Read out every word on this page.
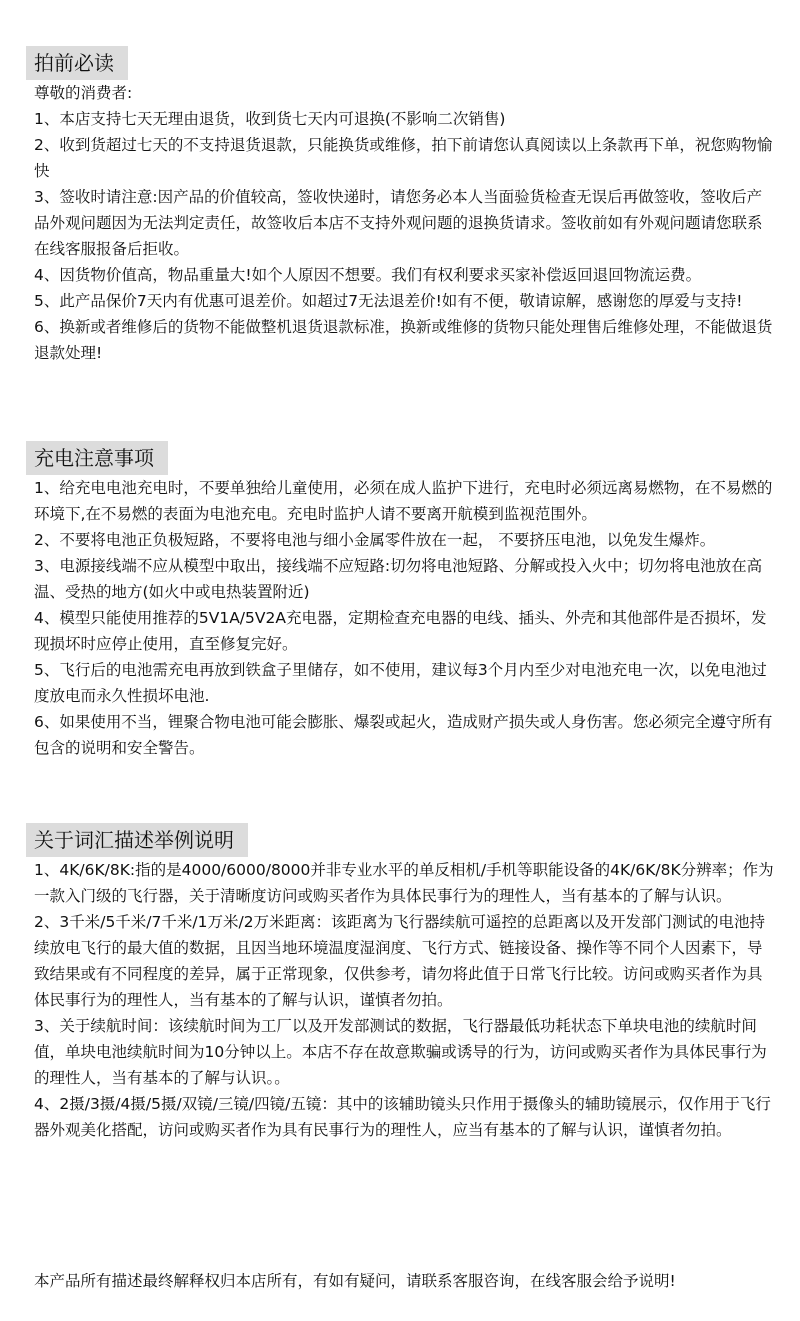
拍前必读

尊敬的消费者:

1、本店支持七天无理由退货，收到货七天内可退换(不影响二次销售)

2、收到货超过七天的不支持退货退款，只能换货或维修，拍下前请您认真阅读以上条款再下单，祝您购物愉快

3、签收时请注意:因产品的价值较高，签收快递时，请您务必本人当面验货检查无误后再做签收，签收后产品外观问题因为无法判定责任，故签收后本店不支持外观问题的退换货请求。签收前如有外观问题请您联系在线客服报备后拒收。

4、因货物价值高，物品重量大!如个人原因不想要。我们有权利要求买家补偿返回退回物流运费。

5、此产品保价7天内有优惠可退差价。如超过7无法退差价!如有不便，敬请谅解，感谢您的厚爱与支持!

6、换新或者维修后的货物不能做整机退货退款标准，换新或维修的货物只能处理售后维修处理，不能做退货退款处理!

充电注意事项

1、给充电电池充电时，不要单独给儿童使用，必须在成人监护下进行，充电时必须远离易燃物，在不易燃的环境下,在不易燃的表面为电池充电。充电时监护人请不要离开航模到监视范围外。

2、不要将电池正负极短路，不要将电池与细小金属零件放在一起， 不要挤压电池，以免发生爆炸。

3、电源接线端不应从模型中取出，接线端不应短路:切勿将电池短路、分解或投入火中；切勿将电池放在高温、受热的地方(如火中或电热装置附近)

4、模型只能使用推荐的5V1A/5V2A充电器，定期检查充电器的电线、插头、外壳和其他部件是否损坏，发现损坏时应停止使用，直至修复完好。

5、飞行后的电池需充电再放到铁盒子里储存，如不使用，建议每3个月内至少对电池充电一次，以免电池过度放电而永久性损坏电池.

6、如果使用不当，锂聚合物电池可能会膨胀、爆裂或起火，造成财产损失或人身伤害。您必须完全遵守所有包含的说明和安全警告。

关于词汇描述举例说明

1、4K/6K/8K:指的是4000/6000/8000并非专业水平的单反相机/手机等职能设备的4K/6K/8K分辨率；作为一款入门级的飞行器，关于清晰度访问或购买者作为具体民事行为的理性人，当有基本的了解与认识。

2、3千米/5千米/7千米/1万米/2万米距离：该距离为飞行器续航可遥控的总距离以及开发部门测试的电池持续放电飞行的最大值的数据，且因当地环境温度湿润度、飞行方式、链接设备、操作等不同个人因素下，导致结果或有不同程度的差异，属于正常现象，仅供参考，请勿将此值于日常飞行比较。访问或购买者作为具体民事行为的理性人，当有基本的了解与认识，谨慎者勿拍。

3、关于续航时间：该续航时间为工厂以及开发部测试的数据，飞行器最低功耗状态下单块电池的续航时间值，单块电池续航时间为10分钟以上。本店不存在故意欺骗或诱导的行为，访问或购买者作为具体民事行为的理性人，当有基本的了解与认识。。

4、2摄/3摄/4摄/5摄/双镜/三镜/四镜/五镜：其中的该辅助镜头只作用于摄像头的辅助镜展示，仅作用于飞行器外观美化搭配，访问或购买者作为具有民事行为的理性人，应当有基本的了解与认识，谨慎者勿拍。

本产品所有描述最终解释权归本店所有，有如有疑问，请联系客服咨询，在线客服会给予说明!
